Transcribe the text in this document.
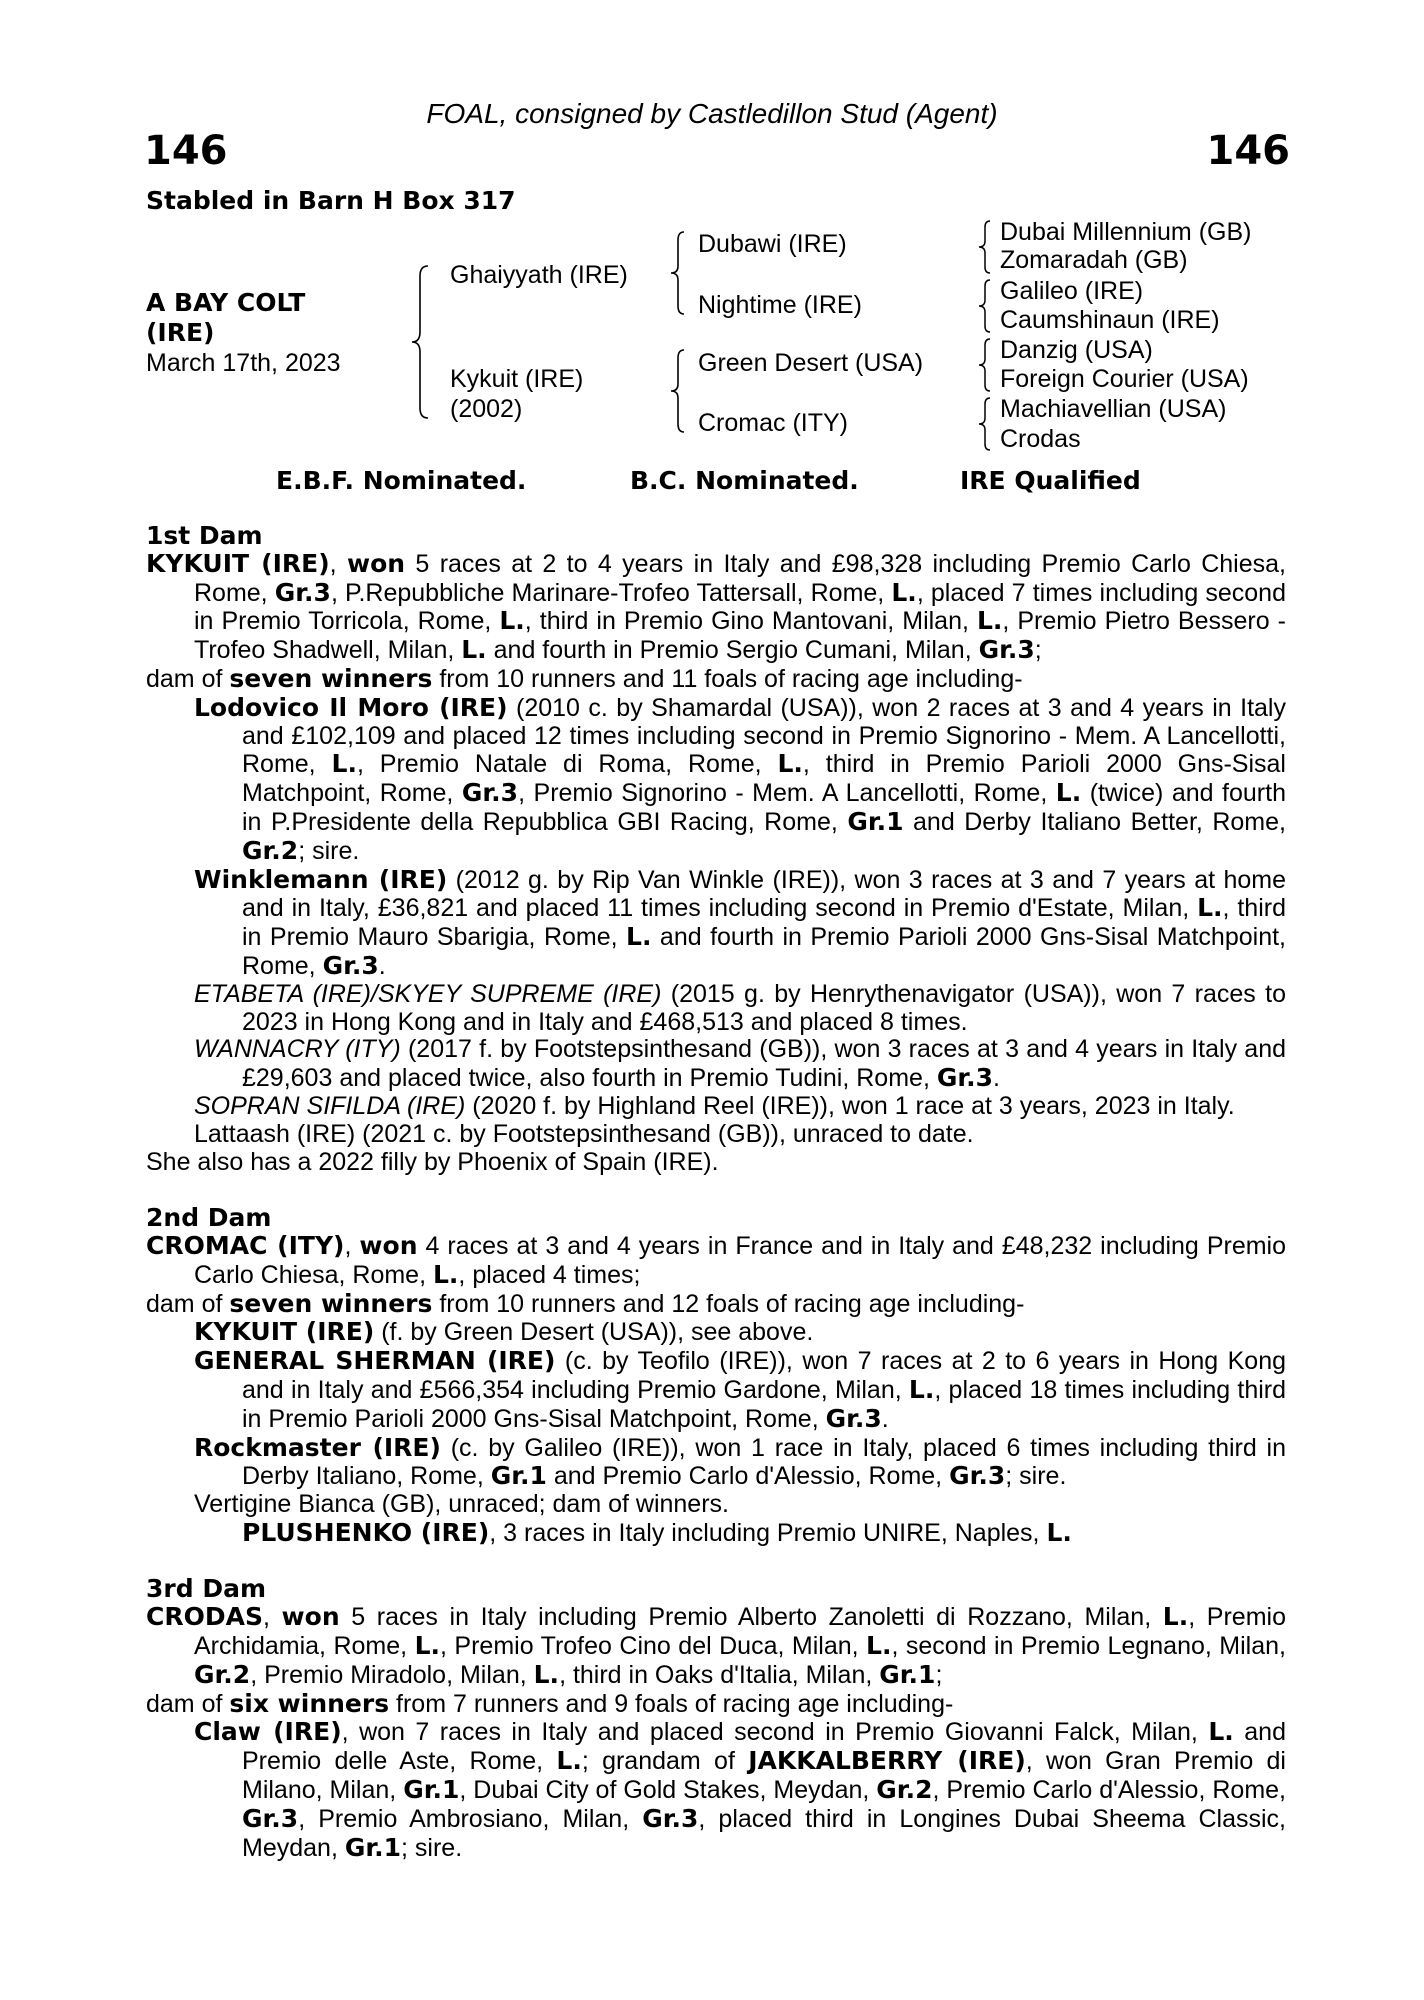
FOAL, consigned by Castledillon Stud (Agent)
146	146
Stabled in Barn H Box 317
A BAY COLT
(IRE)
March 17th, 2023
Ghaiyyath (IRE)
Kykuit (IRE)
(2002)
Dubawi (IRE)
Nightime (IRE)
Green Desert (USA)
Cromac (ITY)
Dubai Millennium (GB)
Zomaradah (GB)
Galileo (IRE)
Caumshinaun (IRE)
Danzig (USA)
Foreign Courier (USA)
Machiavellian (USA)
Crodas
E.B.F. Nominated.	B.C. Nominated.	IRE Qualified

1st Dam

KYKUIT (IRE), won 5 races at 2 to 4 years in Italy and £98,328 including Premio Carlo Chiesa, Rome, Gr.3, P.Repubbliche Marinare-Trofeo Tattersall, Rome, L., placed 7 times including second in Premio Torricola, Rome, L., third in Premio Gino Mantovani, Milan, L., Premio Pietro Bessero - Trofeo Shadwell, Milan, L. and fourth in Premio Sergio Cumani, Milan, Gr.3;

dam of seven winners from 10 runners and 11 foals of racing age including-

Lodovico Il Moro (IRE) (2010 c. by Shamardal (USA)), won 2 races at 3 and 4 years in Italy and £102,109 and placed 12 times including second in Premio Signorino - Mem. A Lancellotti, Rome, L., Premio Natale di Roma, Rome, L., third in Premio Parioli 2000 Gns-Sisal Matchpoint, Rome, Gr.3, Premio Signorino - Mem. A Lancellotti, Rome, L. (twice) and fourth in P.Presidente della Repubblica GBI Racing, Rome, Gr.1 and Derby Italiano Better, Rome, Gr.2; sire.

Winklemann (IRE) (2012 g. by Rip Van Winkle (IRE)), won 3 races at 3 and 7 years at home and in Italy, £36,821 and placed 11 times including second in Premio d'Estate, Milan, L., third in Premio Mauro Sbarigia, Rome, L. and fourth in Premio Parioli 2000 Gns-Sisal Matchpoint, Rome, Gr.3.

ETABETA (IRE)/SKYEY SUPREME (IRE) (2015 g. by Henrythenavigator (USA)), won 7 races to 2023 in Hong Kong and in Italy and £468,513 and placed 8 times.

WANNACRY (ITY) (2017 f. by Footstepsinthesand (GB)), won 3 races at 3 and 4 years in Italy and £29,603 and placed twice, also fourth in Premio Tudini, Rome, Gr.3.

SOPRAN SIFILDA (IRE) (2020 f. by Highland Reel (IRE)), won 1 race at 3 years, 2023 in Italy.

Lattaash (IRE) (2021 c. by Footstepsinthesand (GB)), unraced to date.

She also has a 2022 filly by Phoenix of Spain (IRE).

2nd Dam

CROMAC (ITY), won 4 races at 3 and 4 years in France and in Italy and £48,232 including Premio Carlo Chiesa, Rome, L., placed 4 times;

dam of seven winners from 10 runners and 12 foals of racing age including-

KYKUIT (IRE) (f. by Green Desert (USA)), see above.

GENERAL SHERMAN (IRE) (c. by Teofilo (IRE)), won 7 races at 2 to 6 years in Hong Kong and in Italy and £566,354 including Premio Gardone, Milan, L., placed 18 times including third in Premio Parioli 2000 Gns-Sisal Matchpoint, Rome, Gr.3.

Rockmaster (IRE) (c. by Galileo (IRE)), won 1 race in Italy, placed 6 times including third in Derby Italiano, Rome, Gr.1 and Premio Carlo d'Alessio, Rome, Gr.3; sire.

Vertigine Bianca (GB), unraced; dam of winners.

PLUSHENKO (IRE), 3 races in Italy including Premio UNIRE, Naples, L.

3rd Dam

CRODAS, won 5 races in Italy including Premio Alberto Zanoletti di Rozzano, Milan, L., Premio Archidamia, Rome, L., Premio Trofeo Cino del Duca, Milan, L., second in Premio Legnano, Milan, Gr.2, Premio Miradolo, Milan, L., third in Oaks d'Italia, Milan, Gr.1;

dam of six winners from 7 runners and 9 foals of racing age including-

Claw (IRE), won 7 races in Italy and placed second in Premio Giovanni Falck, Milan, L. and Premio delle Aste, Rome, L.; grandam of JAKKALBERRY (IRE), won Gran Premio di Milano, Milan, Gr.1, Dubai City of Gold Stakes, Meydan, Gr.2, Premio Carlo d'Alessio, Rome, Gr.3, Premio Ambrosiano, Milan, Gr.3, placed third in Longines Dubai Sheema Classic, Meydan, Gr.1; sire.
